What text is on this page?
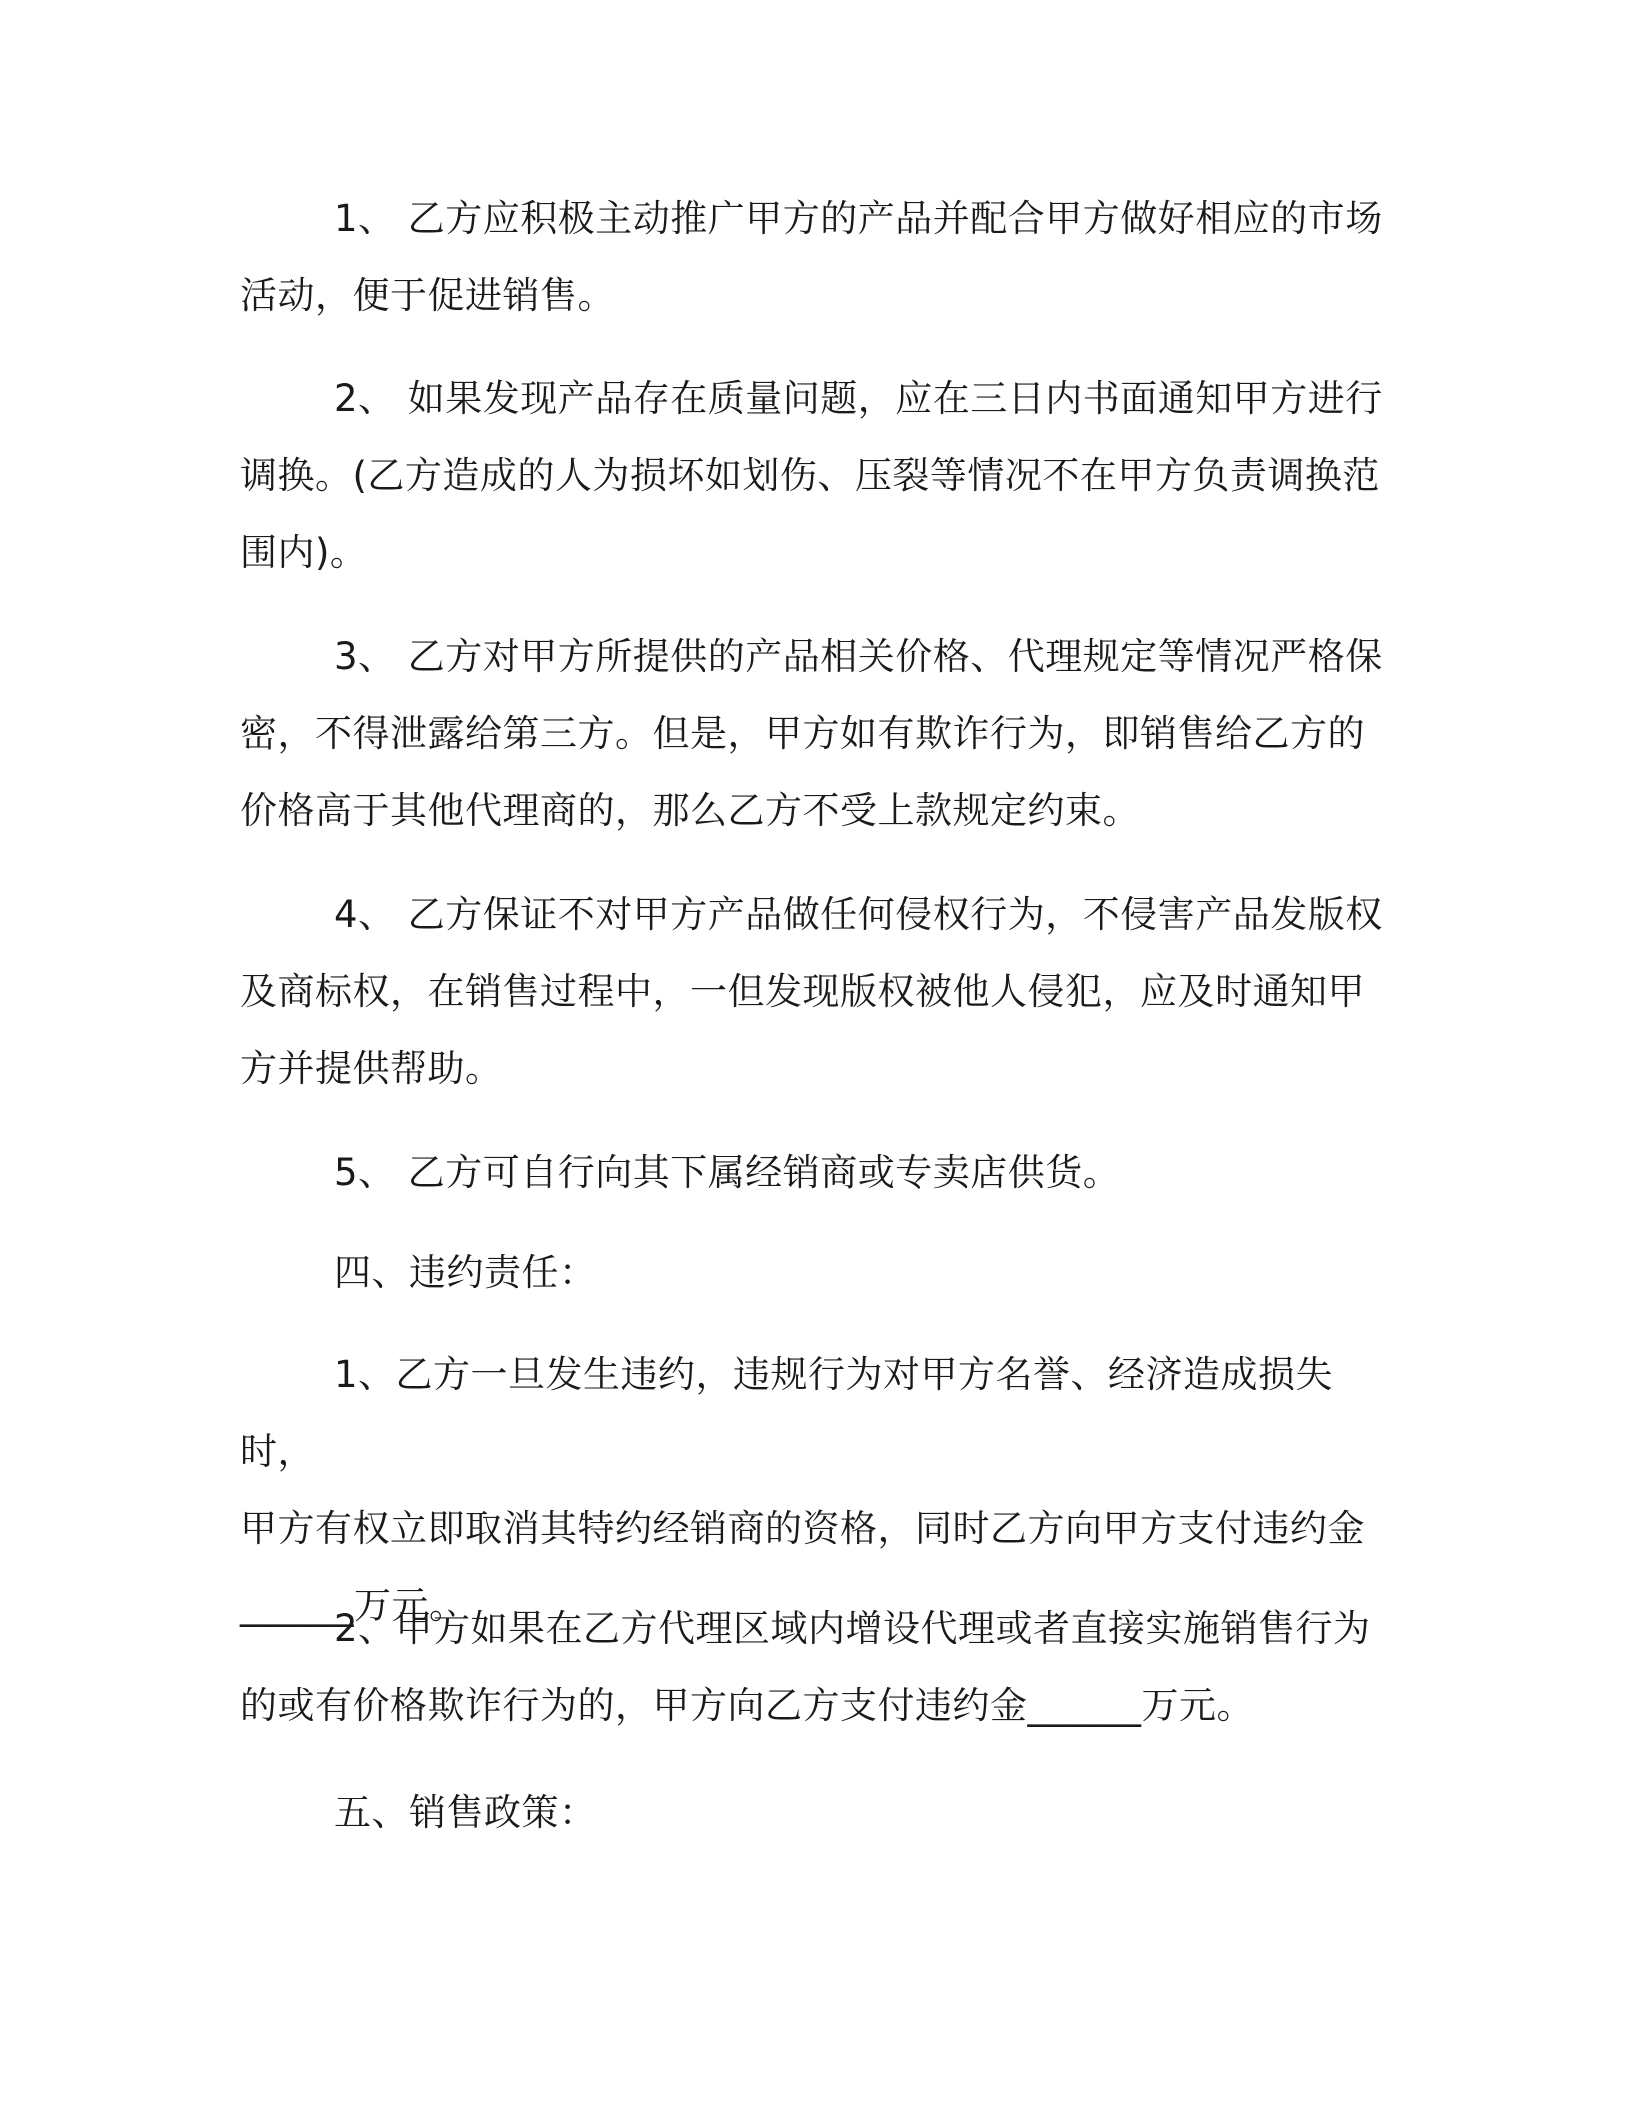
1、 乙方应积极主动推广甲方的产品并配合甲方做好相应的市场
活动，便于促进销售。
2、 如果发现产品存在质量问题，应在三日内书面通知甲方进行
调换。(乙方造成的人为损坏如划伤、压裂等情况不在甲方负责调换范
围内)。
3、 乙方对甲方所提供的产品相关价格、代理规定等情况严格保
密，不得泄露给第三方。但是，甲方如有欺诈行为，即销售给乙方的
价格高于其他代理商的，那么乙方不受上款规定约束。
4、 乙方保证不对甲方产品做任何侵权行为，不侵害产品发版权
及商标权，在销售过程中，一但发现版权被他人侵犯，应及时通知甲
方并提供帮助。
5、 乙方可自行向其下属经销商或专卖店供货。
四、违约责任：
1、乙方一旦发生违约，违规行为对甲方名誉、经济造成损失时，
甲方有权立即取消其特约经销商的资格，同时乙方向甲方支付违约金
______万元。
2、甲方如果在乙方代理区域内增设代理或者直接实施销售行为
的或有价格欺诈行为的，甲方向乙方支付违约金______万元。
五、销售政策：
